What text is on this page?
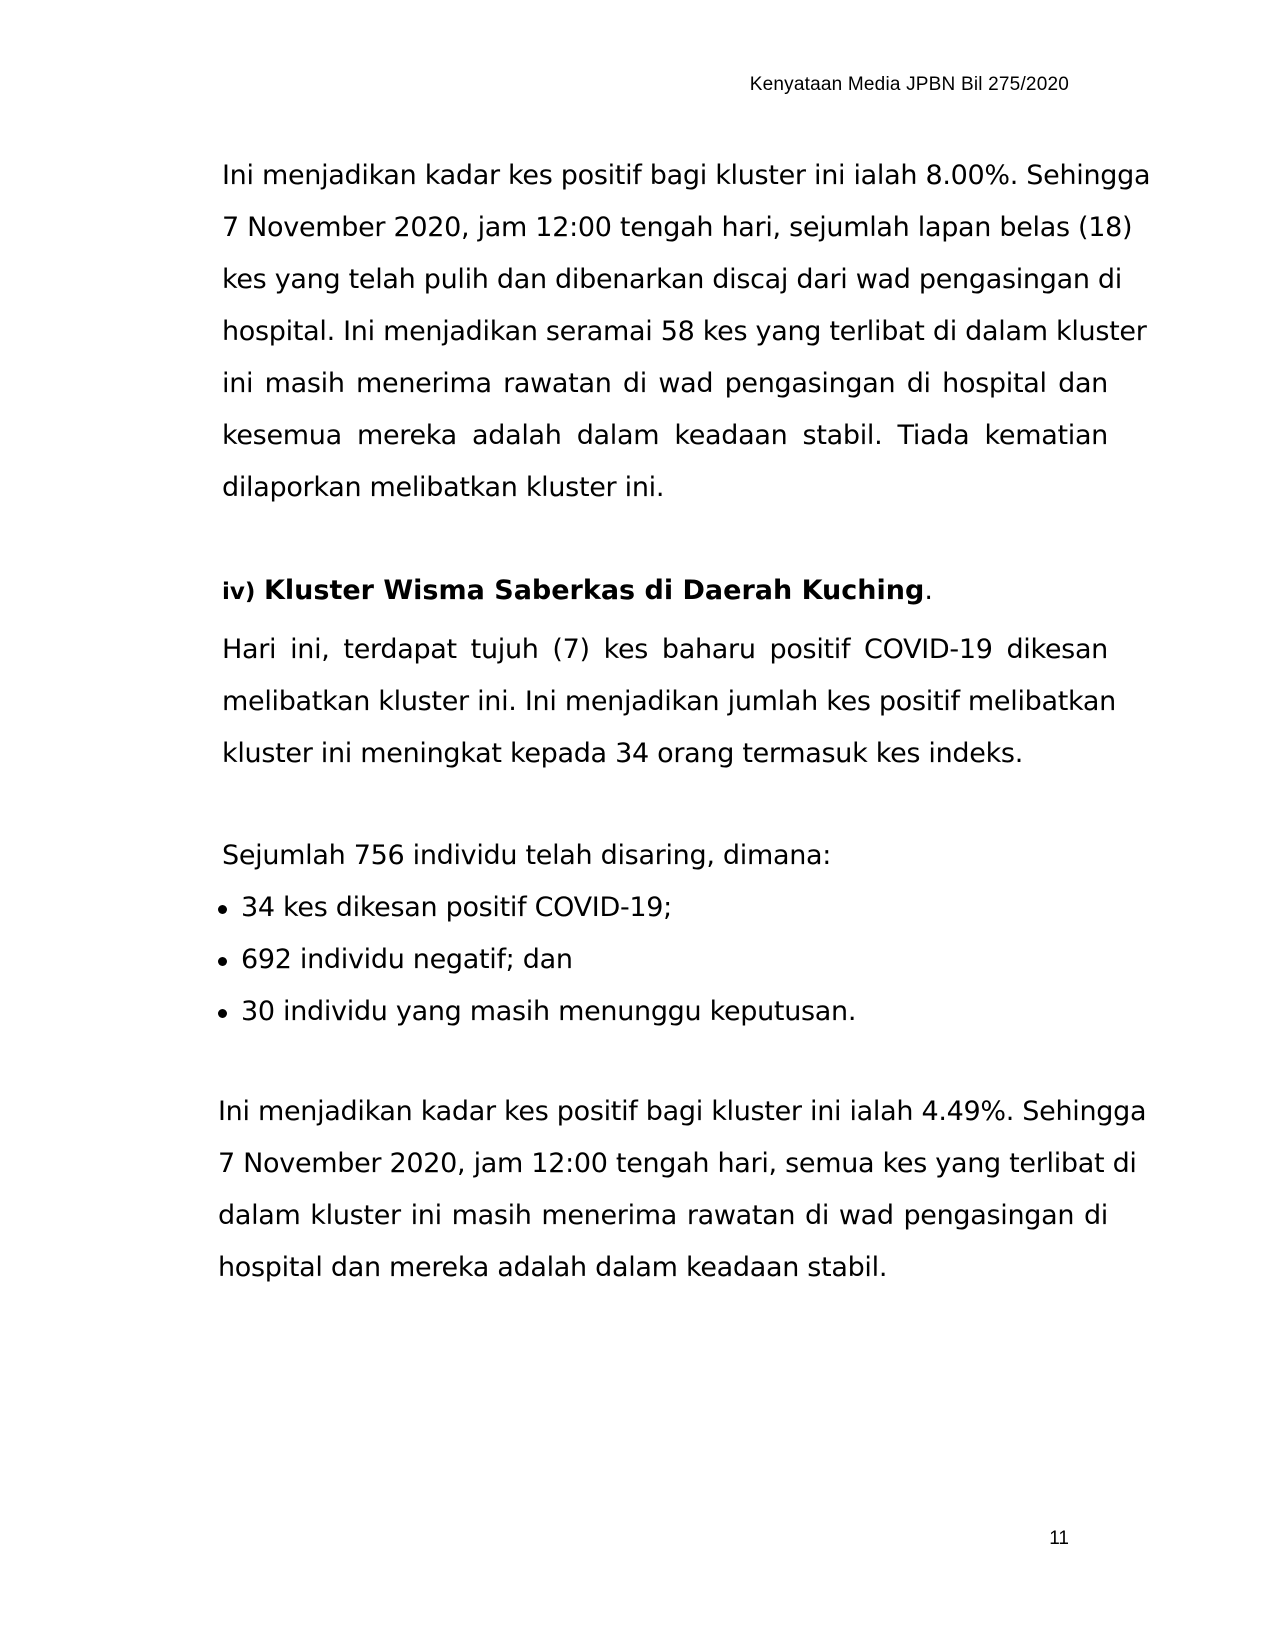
Kenyataan Media JPBN Bil 275/2020
Ini menjadikan kadar kes positif bagi kluster ini ialah 8.00%. Sehingga
7 November 2020, jam 12:00 tengah hari, sejumlah lapan belas (18)
kes yang telah pulih dan dibenarkan discaj dari wad pengasingan di
hospital. Ini menjadikan seramai 58 kes yang terlibat di dalam kluster
ini masih menerima rawatan di wad pengasingan di hospital dan
kesemua mereka adalah dalam keadaan stabil. Tiada kematian
dilaporkan melibatkan kluster ini.

iv) Kluster Wisma Saberkas di Daerah Kuching.

Hari ini, terdapat tujuh (7) kes baharu positif COVID-19 dikesan
melibatkan kluster ini. Ini menjadikan jumlah kes positif melibatkan
kluster ini meningkat kepada 34 orang termasuk kes indeks.

Sejumlah 756 individu telah disaring, dimana:

34 kes dikesan positif COVID-19;
692 individu negatif; dan
30 individu yang masih menunggu keputusan.
Ini menjadikan kadar kes positif bagi kluster ini ialah 4.49%. Sehingga
7 November 2020, jam 12:00 tengah hari, semua kes yang terlibat di
dalam kluster ini masih menerima rawatan di wad pengasingan di
hospital dan mereka adalah dalam keadaan stabil.
11
